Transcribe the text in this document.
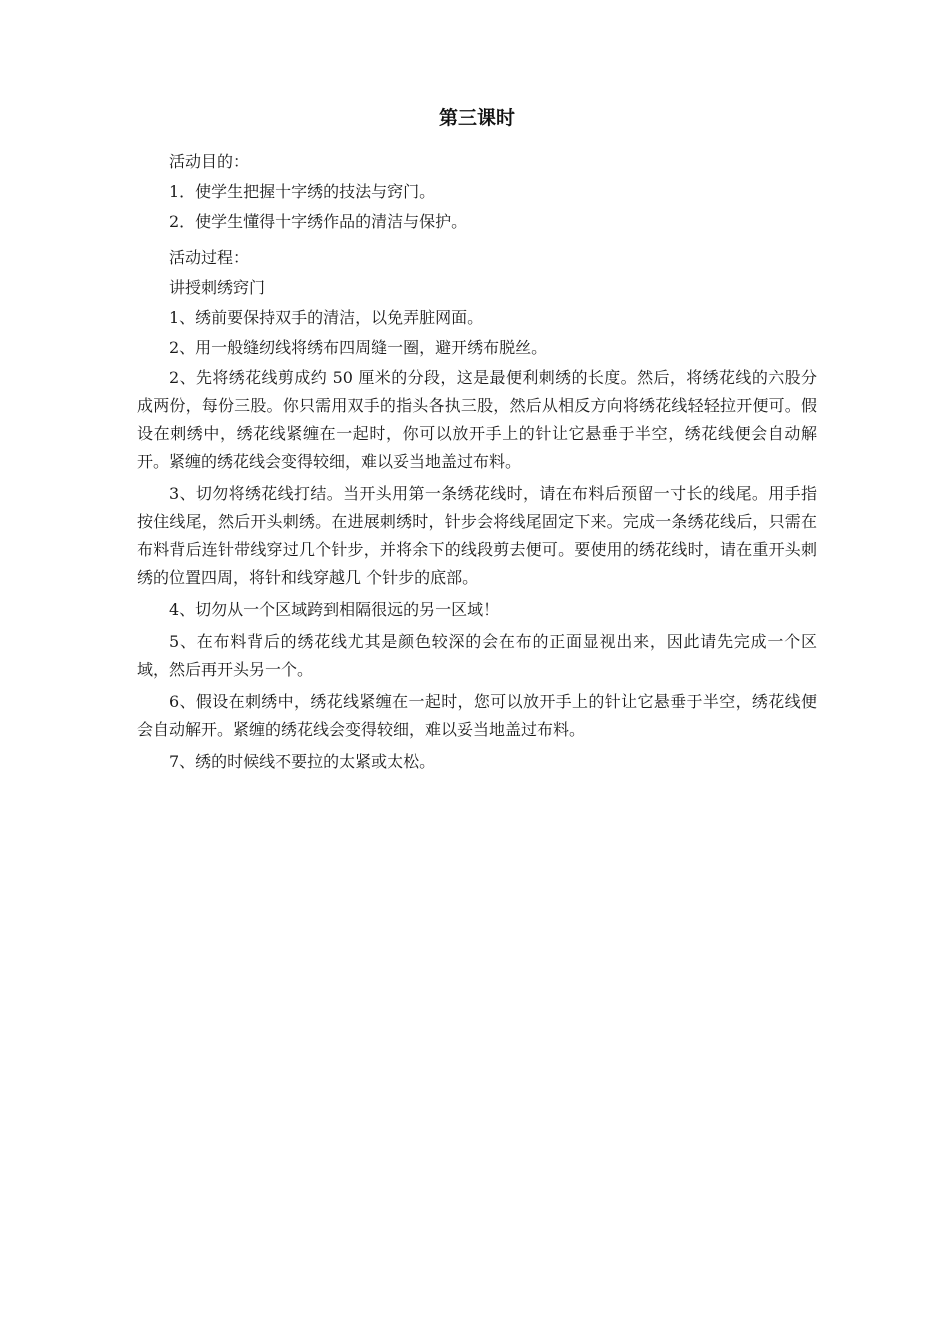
第三课时

活动目的：

1．使学生把握十字绣的技法与窍门。

2．使学生懂得十字绣作品的清洁与保护。

活动过程：

讲授刺绣窍门

1、绣前要保持双手的清洁，以免弄脏网面。

2、用一般缝纫线将绣布四周缝一圈，避开绣布脱丝。

2、先将绣花线剪成约 50 厘米的分段，这是最便利刺绣的长度。然后，将绣花线的六股分成两份，每份三股。你只需用双手的指头各执三股，然后从相反方向将绣花线轻轻拉开便可。假设在刺绣中，绣花线紧缠在一起时，你可以放开手上的针让它悬垂于半空，绣花线便会自动解开。紧缠的绣花线会变得较细，难以妥当地盖过布料。

3、切勿将绣花线打结。当开头用第一条绣花线时，请在布料后预留一寸长的线尾。用手指按住线尾，然后开头刺绣。在进展刺绣时，针步会将线尾固定下来。完成一条绣花线后，只需在布料背后连针带线穿过几个针步，并将余下的线段剪去便可。要使用的绣花线时，请在重开头刺绣的位置四周，将针和线穿越几 个针步的底部。

4、切勿从一个区域跨到相隔很远的另一区域！

5、在布料背后的绣花线尤其是颜色较深的会在布的正面显视出来，因此请先完成一个区域，然后再开头另一个。

6、假设在刺绣中，绣花线紧缠在一起时，您可以放开手上的针让它悬垂于半空，绣花线便会自动解开。紧缠的绣花线会变得较细，难以妥当地盖过布料。

7、绣的时候线不要拉的太紧或太松。
